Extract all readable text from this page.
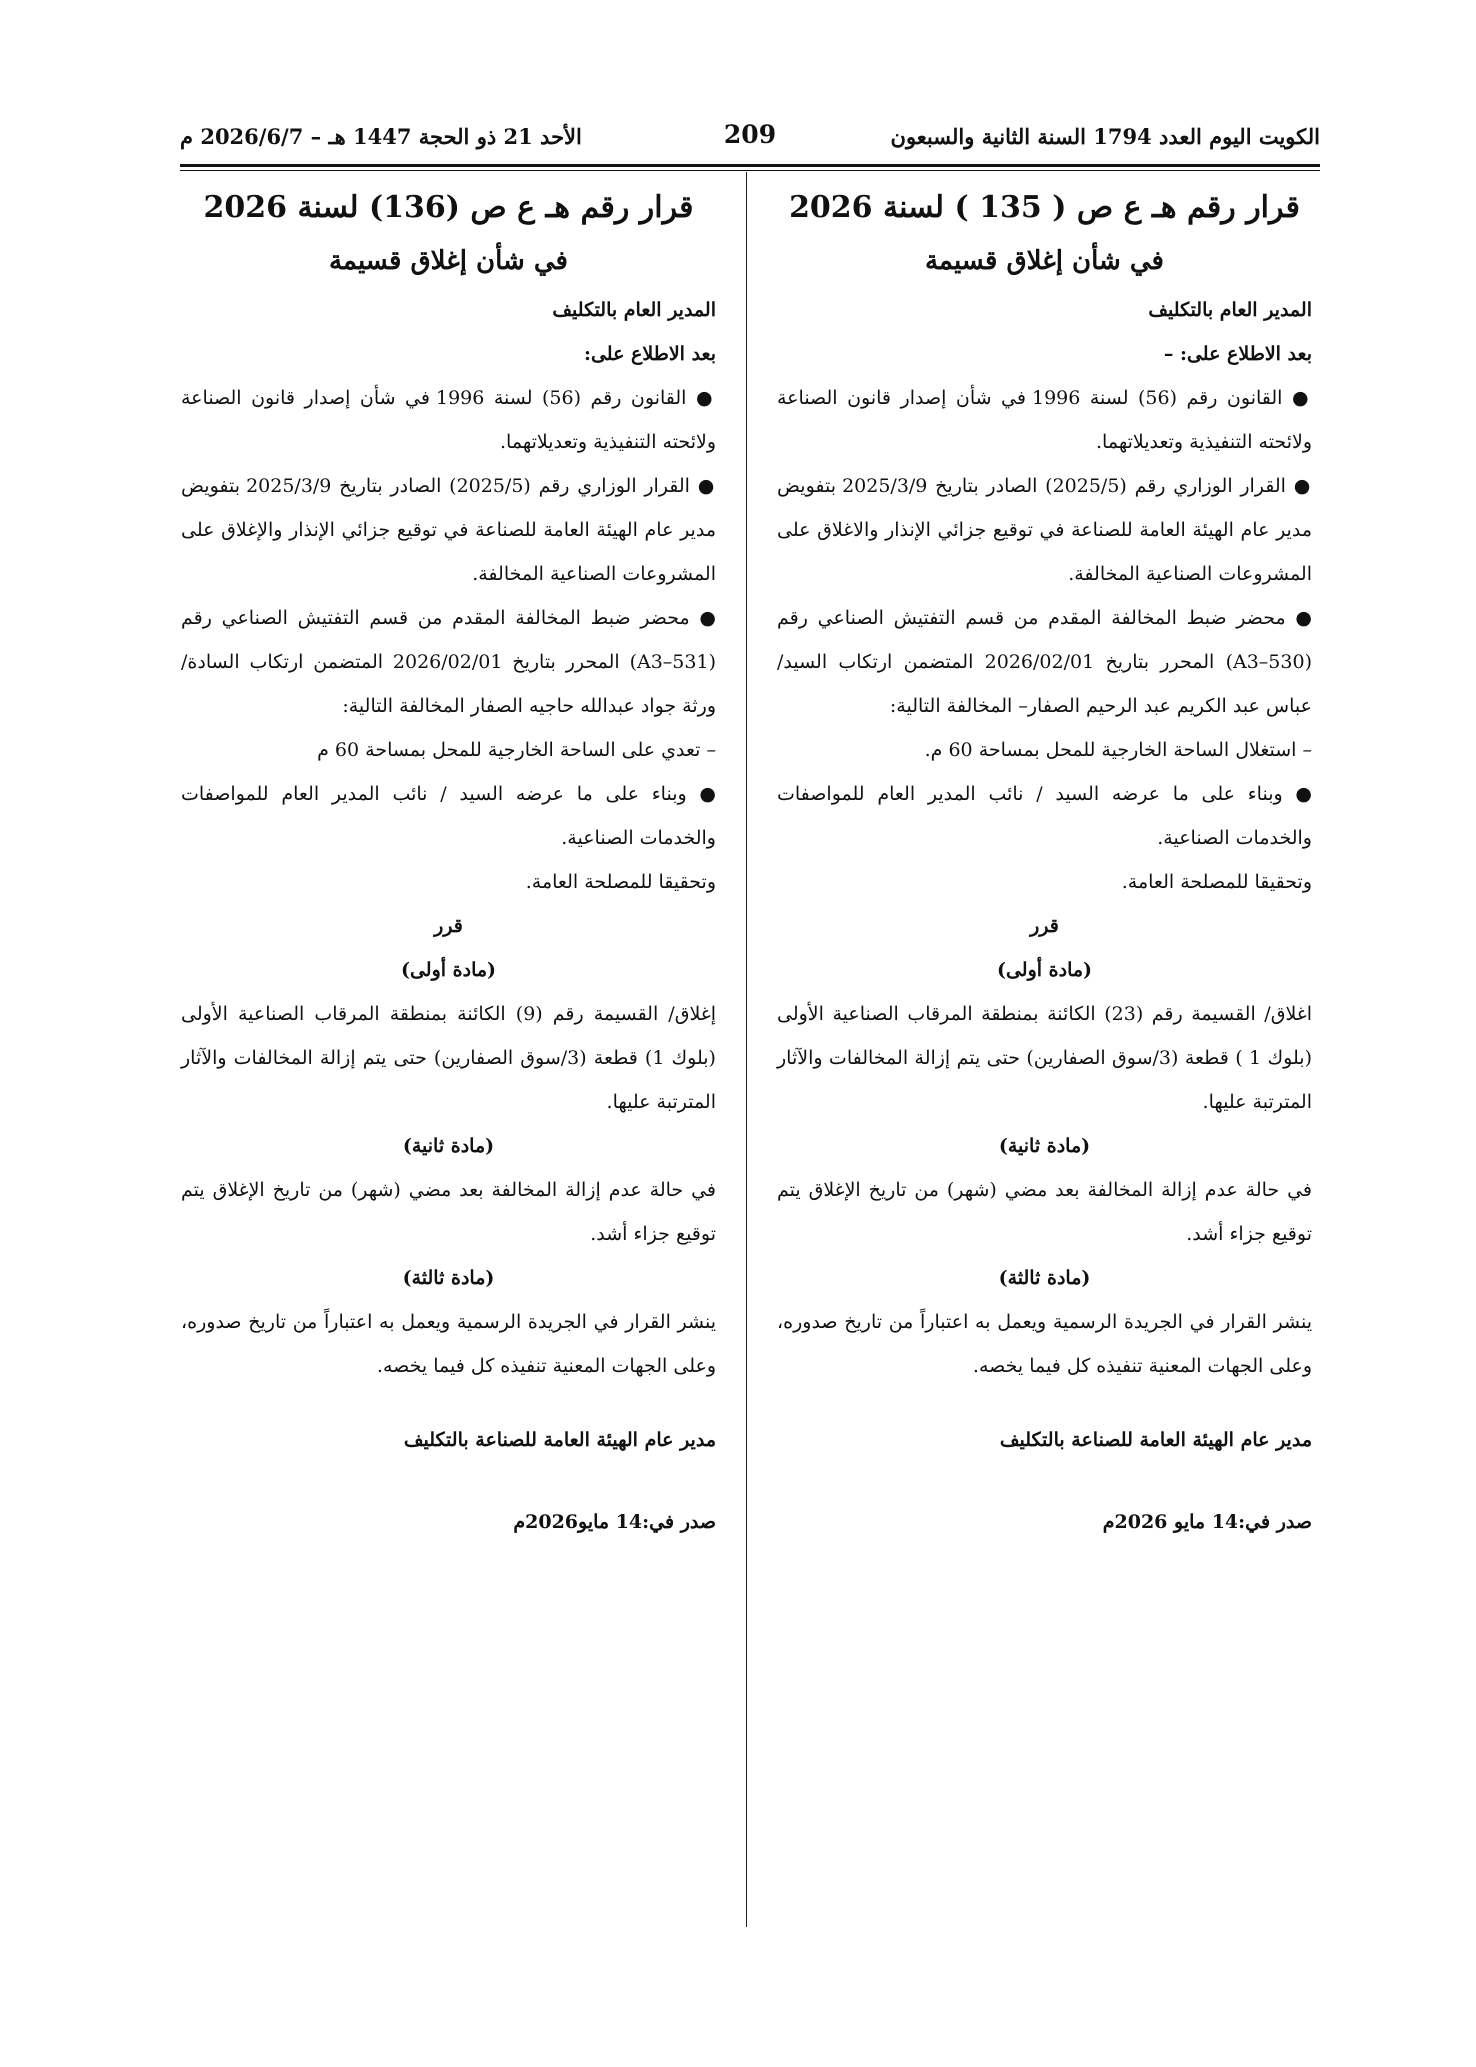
الكويت اليوم العدد 1794 السنة الثانية والسبعون
209
الأحد 21 ذو الحجة 1447 هـ – 2026/6/7 م
قرار رقم هـ ع ص ( 135 ) لسنة 2026
في شأن إغلاق قسيمة
المدير العام بالتكليف
بعد الاطلاع على: –
● القانون رقم (56) لسنة 1996 في شأن إصدار قانون الصناعة ولائحته التنفيذية وتعديلاتهما.
● القرار الوزاري رقم (2025/5) الصادر بتاريخ 2025/3/9 بتفويض مدير عام الهيئة العامة للصناعة في توقيع جزائي الإنذار والاغلاق على المشروعات الصناعية المخالفة.
● محضر ضبط المخالفة المقدم من قسم التفتيش الصناعي رقم (A3–530) المحرر بتاريخ 2026/02/01 المتضمن ارتكاب السيد/ عباس عبد الكريم عبد الرحيم الصفار– المخالفة التالية:
– استغلال الساحة الخارجية للمحل بمساحة 60 م.
● وبناء على ما عرضه السيد / نائب المدير العام للمواصفات والخدمات الصناعية.
وتحقيقا للمصلحة العامة.
قرر
(مادة أولى)
اغلاق/ القسيمة رقم (23) الكائنة بمنطقة المرقاب الصناعية الأولى (بلوك 1 ) قطعة (3/سوق الصفارين) حتى يتم إزالة المخالفات والآثار المترتبة عليها.
(مادة ثانية)
في حالة عدم إزالة المخالفة بعد مضي (شهر) من تاريخ الإغلاق يتم توقيع جزاء أشد.
(مادة ثالثة)
ينشر القرار في الجريدة الرسمية ويعمل به اعتباراً من تاريخ صدوره، وعلى الجهات المعنية تنفيذه كل فيما يخصه.
مدير عام الهيئة العامة للصناعة بالتكليف
صدر في:14 مايو 2026م
قرار رقم هـ ع ص (136) لسنة 2026
في شأن إغلاق قسيمة
المدير العام بالتكليف
بعد الاطلاع على:
● القانون رقم (56) لسنة 1996 في شأن إصدار قانون الصناعة ولائحته التنفيذية وتعديلاتهما.
● القرار الوزاري رقم (2025/5) الصادر بتاريخ 2025/3/9 بتفويض مدير عام الهيئة العامة للصناعة في توقيع جزائي الإنذار والإغلاق على المشروعات الصناعية المخالفة.
● محضر ضبط المخالفة المقدم من قسم التفتيش الصناعي رقم (A3–531) المحرر بتاريخ 2026/02/01 المتضمن ارتكاب السادة/ ورثة جواد عبدالله حاجيه الصفار المخالفة التالية:
– تعدي على الساحة الخارجية للمحل بمساحة 60 م
● وبناء على ما عرضه السيد / نائب المدير العام للمواصفات والخدمات الصناعية.
وتحقيقا للمصلحة العامة.
قرر
(مادة أولى)
إغلاق/ القسيمة رقم (9) الكائنة بمنطقة المرقاب الصناعية الأولى (بلوك 1) قطعة (3/سوق الصفارين) حتى يتم إزالة المخالفات والآثار المترتبة عليها.
(مادة ثانية)
في حالة عدم إزالة المخالفة بعد مضي (شهر) من تاريخ الإغلاق يتم توقيع جزاء أشد.
(مادة ثالثة)
ينشر القرار في الجريدة الرسمية ويعمل به اعتباراً من تاريخ صدوره، وعلى الجهات المعنية تنفيذه كل فيما يخصه.
مدير عام الهيئة العامة للصناعة بالتكليف
صدر في:14 مايو2026م
